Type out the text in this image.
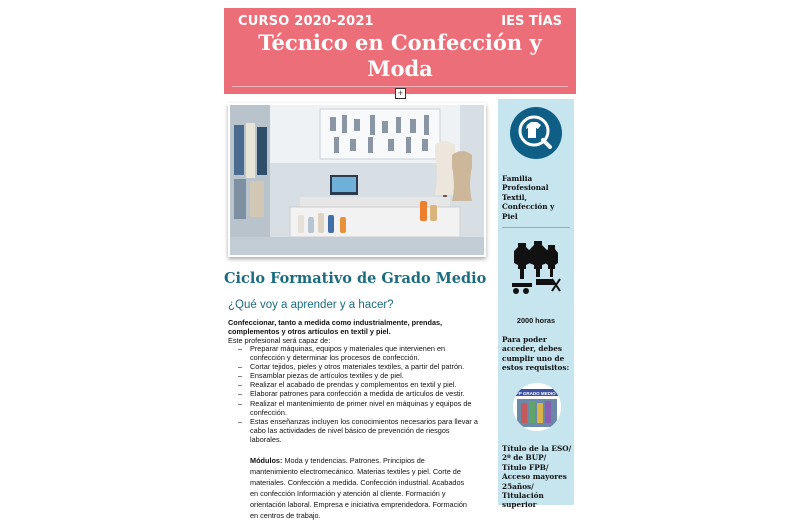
CURSO 2020-2021	IES TÍAS
Técnico en Confección y Moda
+
Ciclo Formativo de Grado Medio
¿Qué voy a aprender y a hacer?
Confeccionar, tanto a medida como industrialmente, prendas, complementos y otros artículos en textil y piel.
Este profesional será capaz de:
– Preparar máquinas, equipos y materiales que intervienen en confección y determinar los procesos de confección.
– Cortar tejidos, pieles y otros materiales textiles, a partir del patrón.
– Ensamblar piezas de artículos textiles y de piel.
– Realizar el acabado de prendas y complementos en textil y piel.
– Elaborar patrones para confección a medida de artículos de vestir.
– Realizar el mantenimiento de primer nivel en máquinas y equipos de confección.
– Estas enseñanzas incluyen los conocimientos necesarios para llevar a cabo las actividades de nivel básico de prevención de riesgos laborales.
Módulos: Moda y tendencias. Patrones. Principios de mantenimiento electromecánico. Materias textiles y piel. Corte de materiales. Confección a medida. Confección industrial. Acabados en confección Información y atención al cliente. Formación y orientación laboral. Empresa e iniciativa emprendedora. Formación en centros de trabajo.
Familia Profesional Textil, Confección y Piel
2000 horas
Para poder acceder, debes cumplir uno de estos requisitos:
FP GRADO MEDIO
Título de la ESO/ 2º de BUP/ Título FPB/ Acceso mayores 25años/ Titulación superior
